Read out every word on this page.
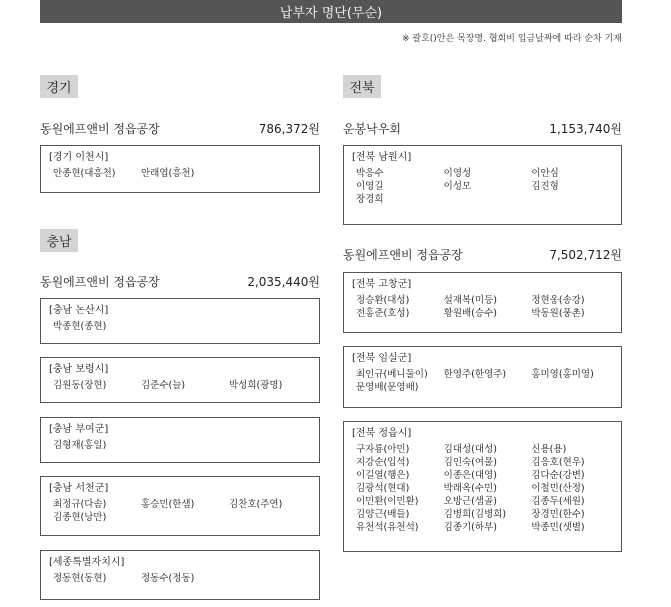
납부자 명단(무순)
※ 괄호()안은 목장명. 협회비 입금날짜에 따라 순차 기재
경기
동원에프앤비 정읍공장	786,372원
[경기 이천시]
안종현(대흥천)	안래엽(흥천)
충남
동원에프앤비 정읍공장	2,035,440원
[충남 논산시]
박종현(종현)
[충남 보령시]
김원동(장현)	김준수(늘)	박성희(광명)
[충남 부여군]
김형재(홍일)
[충남 서천군]
최정규(다솜)	홍승민(한샘)	김찬호(주연)
김종현(낭만)
[세종특별자치시]
정동현(동현)	정동수(정동)
전북
운봉낙우회	1,153,740원
[전북 남원시]
박응수	이영성	이안심
이영길	이성모	김진형
장경희
동원에프앤비 정읍공장	7,502,712원
[전북 고창군]
정승환(대성)	설재복(미등)	정현웅(송강)
전홍준(호성)	황원배(승수)	박동원(풍촌)
[전북 임실군]
최인규(베니둘이)	한영주(한영주)	홍미영(홍미영)
문영배(문영배)
[전북 정읍시]
구자룡(아민)	김대성(대성)	신용(용)
지강순(입석)	김인숙(여물)	김응호(현우)
이길열(행은)	이종은(대영)	김다순(강변)
김광석(현대)	박래옥(수민)	이철민(산정)
이민환(이민환)	오방근(샘골)	김종두(세원)
김양근(배들)	김병희(김병희)	장경민(한수)
유천석(유천석)	김종기(하부)	박종민(샛별)
